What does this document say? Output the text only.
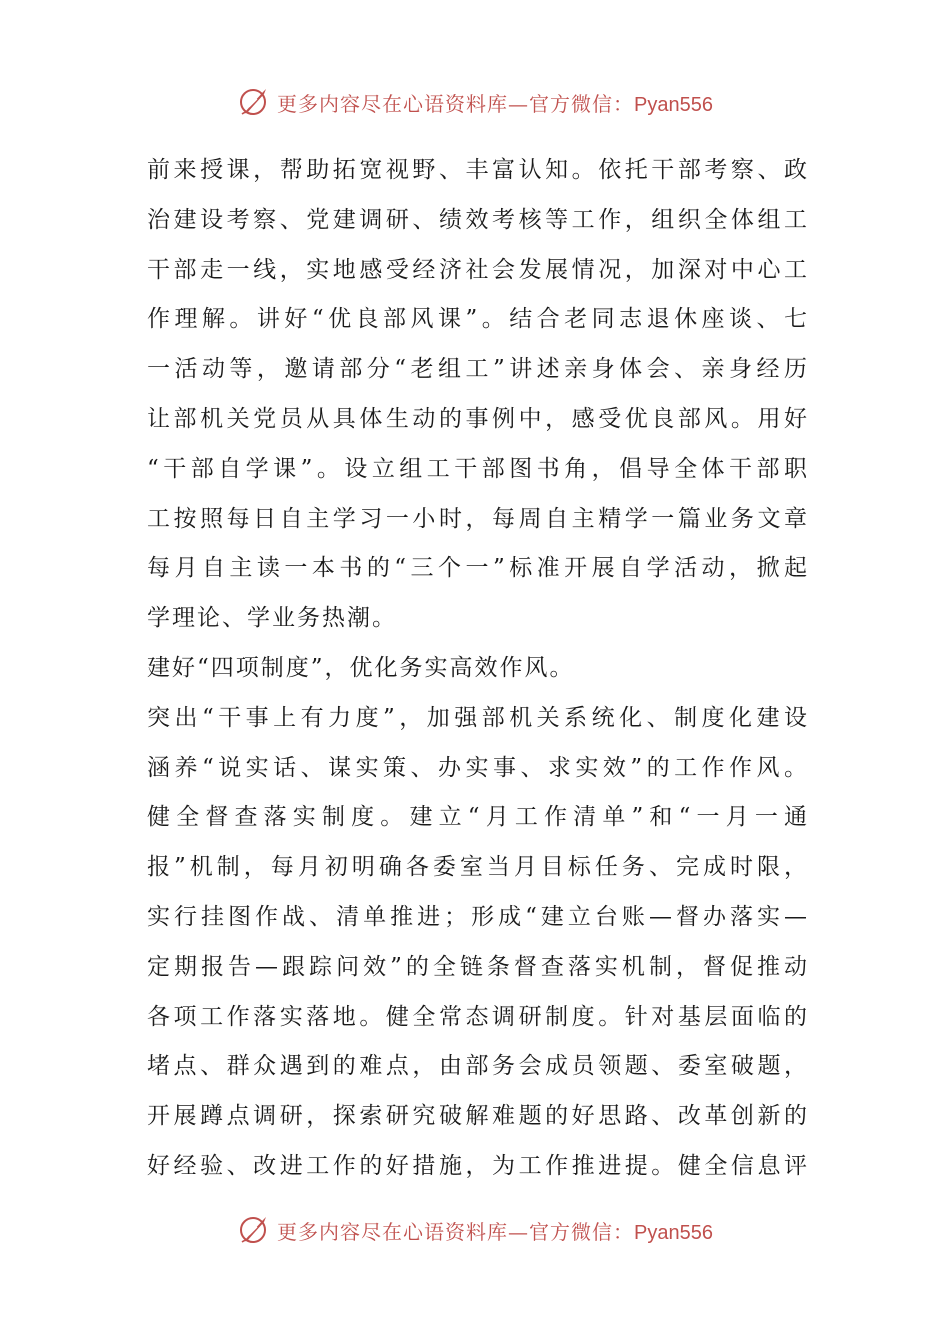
更多内容尽在心语资料库—官方微信：Pyan556
前来授课，帮助拓宽视野、丰富认知。依托干部考察、政
治建设考察、党建调研、绩效考核等工作，组织全体组工
干部走一线，实地感受经济社会发展情况，加深对中心工
作理解。讲好“优良部风课”。结合老同志退休座谈、七
一活动等，邀请部分“老组工”讲述亲身体会、亲身经历
让部机关党员从具体生动的事例中，感受优良部风。用好
“干部自学课”。设立组工干部图书角，倡导全体干部职
工按照每日自主学习一小时，每周自主精学一篇业务文章
每月自主读一本书的“三个一”标准开展自学活动，掀起
学理论、学业务热潮。
建好“四项制度”，优化务实高效作风。
突出“干事上有力度”，加强部机关系统化、制度化建设
涵养“说实话、谋实策、办实事、求实效”的工作作风。
健全督查落实制度。建立“月工作清单”和“一月一通
报”机制，每月初明确各委室当月目标任务、完成时限，
实行挂图作战、清单推进；形成“建立台账—督办落实—
定期报告—跟踪问效”的全链条督查落实机制，督促推动
各项工作落实落地。健全常态调研制度。针对基层面临的
堵点、群众遇到的难点，由部务会成员领题、委室破题，
开展蹲点调研，探索研究破解难题的好思路、改革创新的
好经验、改进工作的好措施，为工作推进提。健全信息评
更多内容尽在心语资料库—官方微信：Pyan556
